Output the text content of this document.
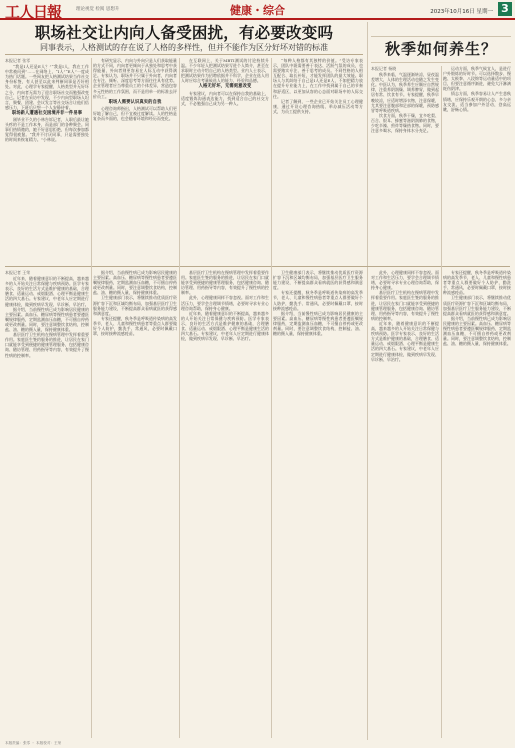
工人日報	理论视觉 检阅 思想升	健康・综合	2023年10月16日 星期一 3
职场社交让内向人备受困扰，有必要改变吗
同事表示，人格测试的存在说了人格的多样性，但并不能作为区分好坏对错的标准
本报记者 张零

“我是I人还是E人？”“我是I人，我在工作中常被问到”……在网络上，“I人”“E人”一度成为热门话题。一些网友把人格测试结果当作社交身份标签，有人甚至以此来判断同事是否好相处。对此，心理学专家提醒，人格类型并无好坏之分，内向者无需为了迎合职场社交而勉强改变自己。记者在采访中发现，不少内向型职场人坦言，聚餐、团建、会议发言等社交场合让他们倍感压力，下班后只想一个人安静待着。

职场新人遭遇社交困境并非一件易事

刚毕业不久的小林告诉记者，入职后最让她头疼的不是工作本身，而是部门的各种聚会。同事们热情邀约，她不好意思拒绝，但每次参加都觉得很疲惫。“我并不讨厌同事，只是需要独处的时间来恢复精力。”小林说。

有研究显示，内向与外向只是人们获取能量的方式不同，内向者更倾向于从独处和思考中获得能量，外向者则更容易在人际互动中获得满足。专家认为，职场并不只属于外向者，内向者在专注、倾听、深度思考等方面往往具有优势。企业管理者应当尊重员工的个体差异，营造包容多元性格的工作氛围，而不是用单一的标准去评价员工。

职场人需要认识真实的自我

心理咨询师指出，人格测试可以帮助人们更好地了解自己，但不宜被过度解读。人的性格是复杂而多面的，也会随着环境和经历而变化。

在互联网上，关于MBTI测试的讨论持续升温。不少年轻人把测试结果写进个人简介，甚至在求职时主动介绍自己的人格类型。业内人士表示，把测试结果作为招聘依据并不科学，企业在选人用人时应综合考量候选人的能力、经验和品德。

人格无好坏，无需刻意改变

专家建议，内向者可以在保持自我的基础上，适度锻炼沟通表达能力，找到适合自己的社交方式，不必勉强自己成为另一种人。

“每种人格都有其独特的价值。”受访专家表示，团队中既需要善于表达、活跃气氛的成员，也需要踏实专注、善于思考的成员。不同性格的人相互配合、取长补短，才能发挥团队的最大效能。职场人与其纠结于自己是I人还是E人，不如把精力放在提升专业能力上，在工作中找到属于自己的节奏和舒适区，以更加从容的心态面对职场中的人际交往。

记者了解到，一些企业已开始关注员工心理健康，通过开设心理咨询热线、举办减压活动等方式，为员工提供支持。

秋季如何养生？
本报记者 杨晓

秋季来临，气温逐渐转凉，昼夜温差增大，人体的生理活动也随之发生变化。中医认为，秋季养生应顺应自然规律，注重养阴润燥、调养脾胃，做到起居有常、饮食有节。专家提醒，秋季早晚较凉，应适时增添衣物，注意保暖，尤其要注意腹部和足部的保暖，预防感冒等呼吸道疾病。

饮食方面，秋季干燥，宜多吃梨、百合、银耳、蜂蜜等滋阴润肺的食物，少吃辛辣、煎炸等燥热食物。同时，要注意多喝水，保持身体水分充足。

运动方面，秋季气候宜人，是进行户外锻炼的好时节。可以选择散步、慢跑、太极拳、八段锦等运动量适中的项目，但要注意循序渐进，避免大汗淋漓耗伤阴津。

情志方面，秋季容易让人产生悲秋情绪，应保持乐观开朗的心态，多与亲友交流，适当参加户外活动，登高远眺，舒畅心情。

本报记者 王荣

近年来，随着健康意识的不断提高，越来越多的人开始关注日常保健与疾病预防。医学专家表示，良好的生活方式是维护健康的基础，合理膳食、适量运动、戒烟限酒、心理平衡是健康生活的四大基石。专家建议，中老年人应定期进行健康体检，做到疾病早发现、早诊断、早治疗。

据介绍，当前慢性病已成为影响居民健康的主要因素。高血压、糖尿病等慢性病患者要遵医嘱规律服药，定期监测血压血糖，不可擅自停药或更改剂量。同时，要注意调整饮食结构，控制盐、油、糖的摄入量，保持健康体重。

基层医疗卫生机构在慢病管理中发挥着重要作用。家庭医生签约服务的推进，让居民在家门口就能享受到便捷的健康管理服务，包括健康咨询、随访管理、用药指导等内容，有效提升了慢性病的控制率。

据介绍，当前慢性病已成为影响居民健康的主要因素。高血压、糖尿病等慢性病患者要遵医嘱规律服药，定期监测血压血糖，不可擅自停药或更改剂量。同时，要注意调整饮食结构，控制盐、油、糖的摄入量，保持健康体重。

卫生健康部门表示，将继续推动优质医疗资源扩容下沉和区域均衡布局，加强基层医疗卫生服务能力建设，不断提高群众看病就医的获得感和满意度。

专家还提醒，秋冬季是呼吸道传染病的高发季节，老人、儿童和慢性病患者等重点人群要做好个人防护，勤洗手、常通风，必要时佩戴口罩，按时接种流感疫苗。

基层医疗卫生机构在慢病管理中发挥着重要作用。家庭医生签约服务的推进，让居民在家门口就能享受到便捷的健康管理服务，包括健康咨询、随访管理、用药指导等内容，有效提升了慢性病的控制率。

此外，心理健康同样不容忽视。面对工作和生活压力，要学会合理调节情绪，必要时寻求专业心理咨询帮助，保持身心健康。

近年来，随着健康意识的不断提高，越来越多的人开始关注日常保健与疾病预防。医学专家表示，良好的生活方式是维护健康的基础，合理膳食、适量运动、戒烟限酒、心理平衡是健康生活的四大基石。专家建议，中老年人应定期进行健康体检，做到疾病早发现、早诊断、早治疗。

卫生健康部门表示，将继续推动优质医疗资源扩容下沉和区域均衡布局，加强基层医疗卫生服务能力建设，不断提高群众看病就医的获得感和满意度。

专家还提醒，秋冬季是呼吸道传染病的高发季节，老人、儿童和慢性病患者等重点人群要做好个人防护，勤洗手、常通风，必要时佩戴口罩，按时接种流感疫苗。

据介绍，当前慢性病已成为影响居民健康的主要因素。高血压、糖尿病等慢性病患者要遵医嘱规律服药，定期监测血压血糖，不可擅自停药或更改剂量。同时，要注意调整饮食结构，控制盐、油、糖的摄入量，保持健康体重。

此外，心理健康同样不容忽视。面对工作和生活压力，要学会合理调节情绪，必要时寻求专业心理咨询帮助，保持身心健康。

基层医疗卫生机构在慢病管理中发挥着重要作用。家庭医生签约服务的推进，让居民在家门口就能享受到便捷的健康管理服务，包括健康咨询、随访管理、用药指导等内容，有效提升了慢性病的控制率。

近年来，随着健康意识的不断提高，越来越多的人开始关注日常保健与疾病预防。医学专家表示，良好的生活方式是维护健康的基础，合理膳食、适量运动、戒烟限酒、心理平衡是健康生活的四大基石。专家建议，中老年人应定期进行健康体检，做到疾病早发现、早诊断、早治疗。

专家还提醒，秋冬季是呼吸道传染病的高发季节，老人、儿童和慢性病患者等重点人群要做好个人防护，勤洗手、常通风，必要时佩戴口罩，按时接种流感疫苗。

卫生健康部门表示，将继续推动优质医疗资源扩容下沉和区域均衡布局，加强基层医疗卫生服务能力建设，不断提高群众看病就医的获得感和满意度。

据介绍，当前慢性病已成为影响居民健康的主要因素。高血压、糖尿病等慢性病患者要遵医嘱规律服药，定期监测血压血糖，不可擅自停药或更改剂量。同时，要注意调整饮食结构，控制盐、油、糖的摄入量，保持健康体重。

本版责编：张零 ・ 本版校对：王荣
